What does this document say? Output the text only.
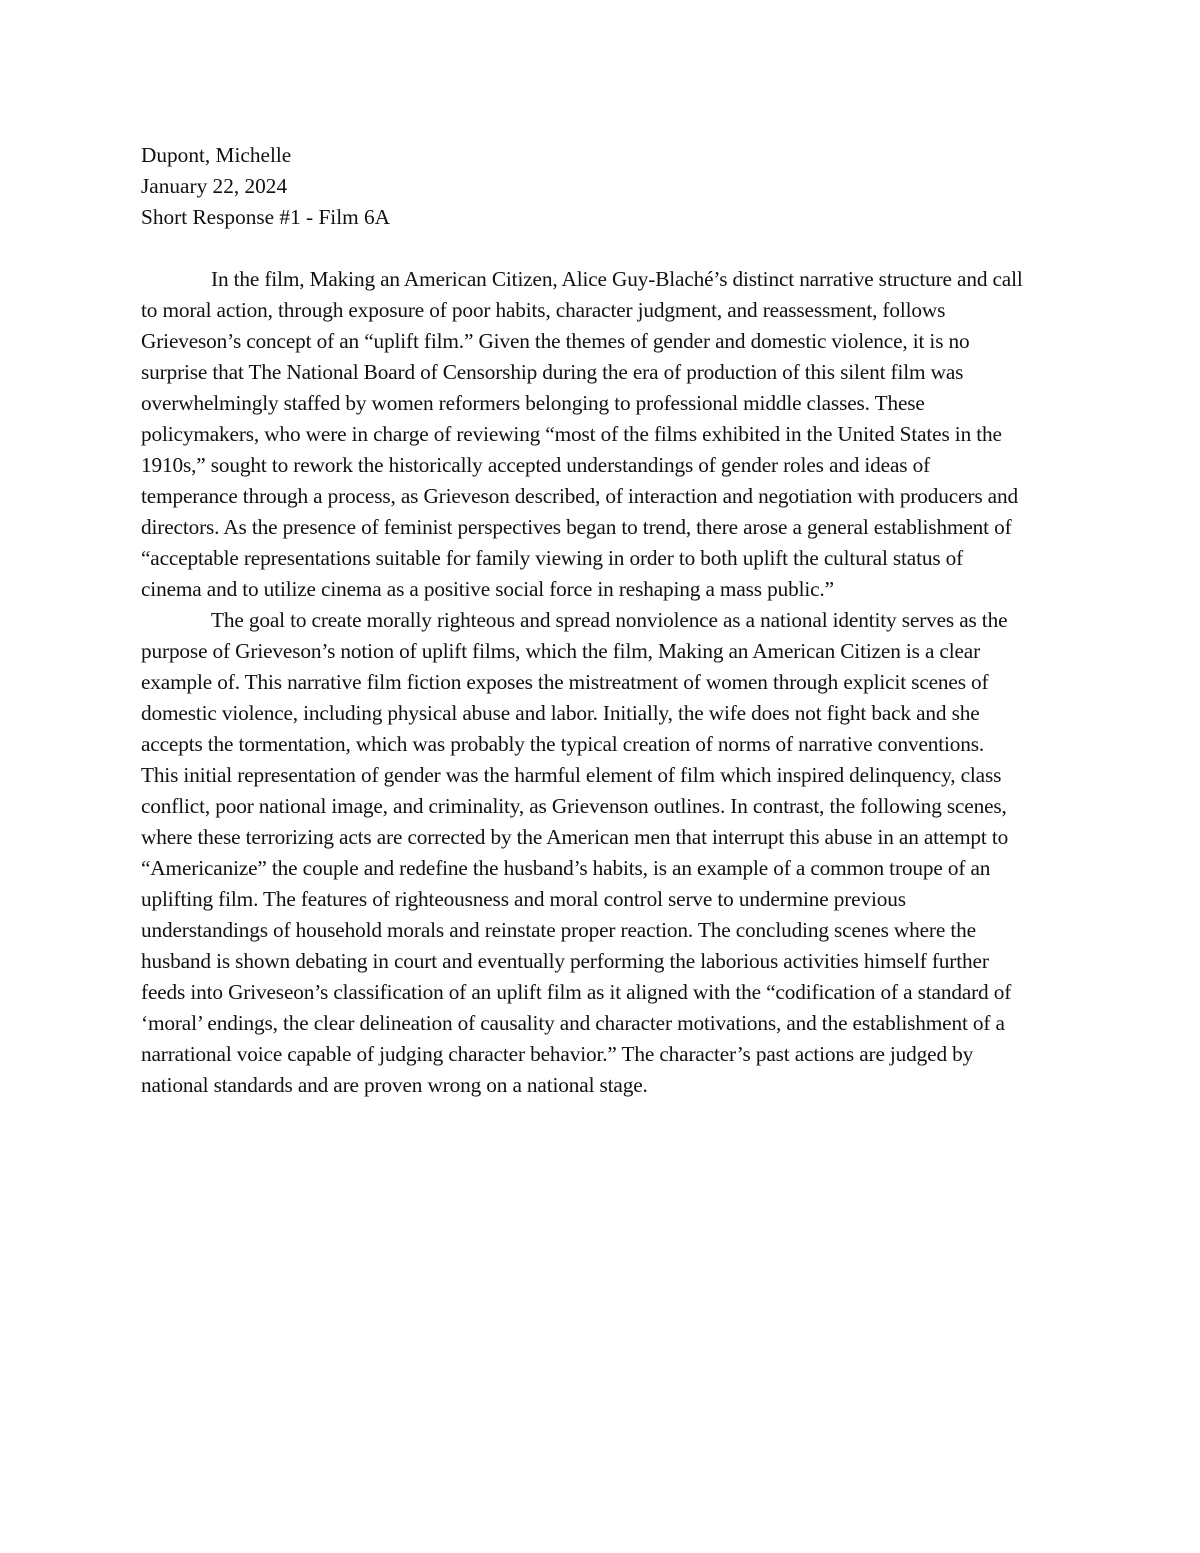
Dupont, Michelle
January 22, 2024
Short Response #1 - Film 6A

In the film, Making an American Citizen, Alice Guy-Blaché’s distinct narrative structure and call to moral action, through exposure of poor habits, character judgment, and reassessment, follows Grieveson’s concept of an “uplift film.” Given the themes of gender and domestic violence, it is no surprise that The National Board of Censorship during the era of production of this silent film was overwhelmingly staffed by women reformers belonging to professional middle classes. These policymakers, who were in charge of reviewing “most of the films exhibited in the United States in the 1910s,” sought to rework the historically accepted understandings of gender roles and ideas of temperance through a process, as Grieveson described, of interaction and negotiation with producers and directors. As the presence of feminist perspectives began to trend, there arose a general establishment of “acceptable representations suitable for family viewing in order to both uplift the cultural status of cinema and to utilize cinema as a positive social force in reshaping a mass public.”

The goal to create morally righteous and spread nonviolence as a national identity serves as the purpose of Grieveson’s notion of uplift films, which the film, Making an American Citizen is a clear example of. This narrative film fiction exposes the mistreatment of women through explicit scenes of domestic violence, including physical abuse and labor. Initially, the wife does not fight back and she accepts the tormentation, which was probably the typical creation of norms of narrative conventions. This initial representation of gender was the harmful element of film which inspired delinquency, class conflict, poor national image, and criminality, as Grievenson outlines. In contrast, the following scenes, where these terrorizing acts are corrected by the American men that interrupt this abuse in an attempt to “Americanize” the couple and redefine the husband’s habits, is an example of a common troupe of an uplifting film. The features of righteousness and moral control serve to undermine previous understandings of household morals and reinstate proper reaction. The concluding scenes where the husband is shown debating in court and eventually performing the laborious activities himself further feeds into Griveseon’s classification of an uplift film as it aligned with the “codification of a standard of ‘moral’ endings, the clear delineation of causality and character motivations, and the establishment of a narrational voice capable of judging character behavior.” The character’s past actions are judged by national standards and are proven wrong on a national stage.
